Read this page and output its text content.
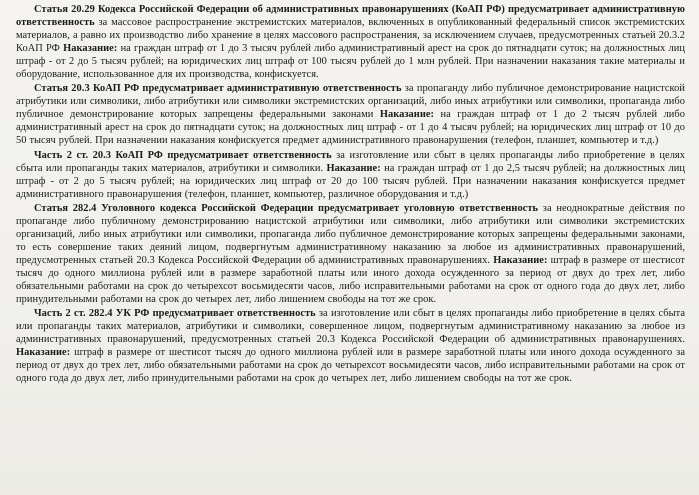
Статья 20.29 Кодекса Российской Федерации об административных правонарушениях (КоАП РФ) предусматривает административную ответственность за массовое распространение экстремистских материалов, включенных в опубликованный федеральный список экстремистских материалов, а равно их производство либо хранение в целях массового распространения, за исключением случаев, предусмотренных статьей 20.3.2 КоАП РФ Наказание: на граждан штраф от 1 до 3 тысяч рублей либо административный арест на срок до пятнадцати суток; на должностных лиц штраф - от 2 до 5 тысяч рублей; на юридических лиц штраф от 100 тысяч рублей до 1 млн рублей. При назначении наказания такие материалы и оборудование, использованное для их производства, конфискуется.

Статья 20.3 КоАП РФ предусматривает административную ответственность за пропаганду либо публичное демонстрирование нацистской атрибутики или символики, либо атрибутики или символики экстремистских организаций, либо иных атрибутики или символики, пропаганда либо публичное демонстрирование которых запрещены федеральными законами Наказание: на граждан штраф от 1 до 2 тысяч рублей либо административный арест на срок до пятнадцати суток; на должностных лиц штраф - от 1 до 4 тысяч рублей; на юридических лиц штраф от 10 до 50 тысяч рублей. При назначении наказания конфискуется предмет административного правонарушения (телефон, планшет, компьютер и т.д.)

Часть 2 ст. 20.3 КоАП РФ предусматривает ответственность за изготовление или сбыт в целях пропаганды либо приобретение в целях сбыта или пропаганды таких материалов, атрибутики и символики. Наказание: на граждан штраф от 1 до 2,5 тысяч рублей; на должностных лиц штраф - от 2 до 5 тысяч рублей; на юридических лиц штраф от 20 до 100 тысяч рублей. При назначении наказания конфискуется предмет административного правонарушения (телефон, планшет, компьютер, различное оборудования и т.д.)

Статья 282.4 Уголовного кодекса Российской Федерации предусматривает уголовную ответственность за неоднократные действия по пропаганде либо публичному демонстрированию нацистской атрибутики или символики, либо атрибутики или символики экстремистских организаций, либо иных атрибутики или символики, пропаганда либо публичное демонстрирование которых запрещены федеральными законами, то есть совершение таких деяний лицом, подвергнутым административному наказанию за любое из административных правонарушений, предусмотренных статьей 20.3 Кодекса Российской Федерации об административных правонарушениях. Наказание: штраф в размере от шестисот тысяч до одного миллиона рублей или в размере заработной платы или иного дохода осужденного за период от двух до трех лет, либо обязательными работами на срок до четырехсот восьмидесяти часов, либо исправительными работами на срок от одного года до двух лет, либо принудительными работами на срок до четырех лет, либо лишением свободы на тот же срок.

Часть 2 ст. 282.4 УК РФ предусматривает ответственность за изготовление или сбыт в целях пропаганды либо приобретение в целях сбыта или пропаганды таких материалов, атрибутики и символики, совершенное лицом, подвергнутым административному наказанию за любое из административных правонарушений, предусмотренных статьей 20.3 Кодекса Российской Федерации об административных правонарушениях. Наказание: штраф в размере от шестисот тысяч до одного миллиона рублей или в размере заработной платы или иного дохода осужденного за период от двух до трех лет, либо обязательными работами на срок до четырехсот восьмидесяти часов, либо исправительными работами на срок от одного года до двух лет, либо принудительными работами на срок до четырех лет, либо лишением свободы на тот же срок.
